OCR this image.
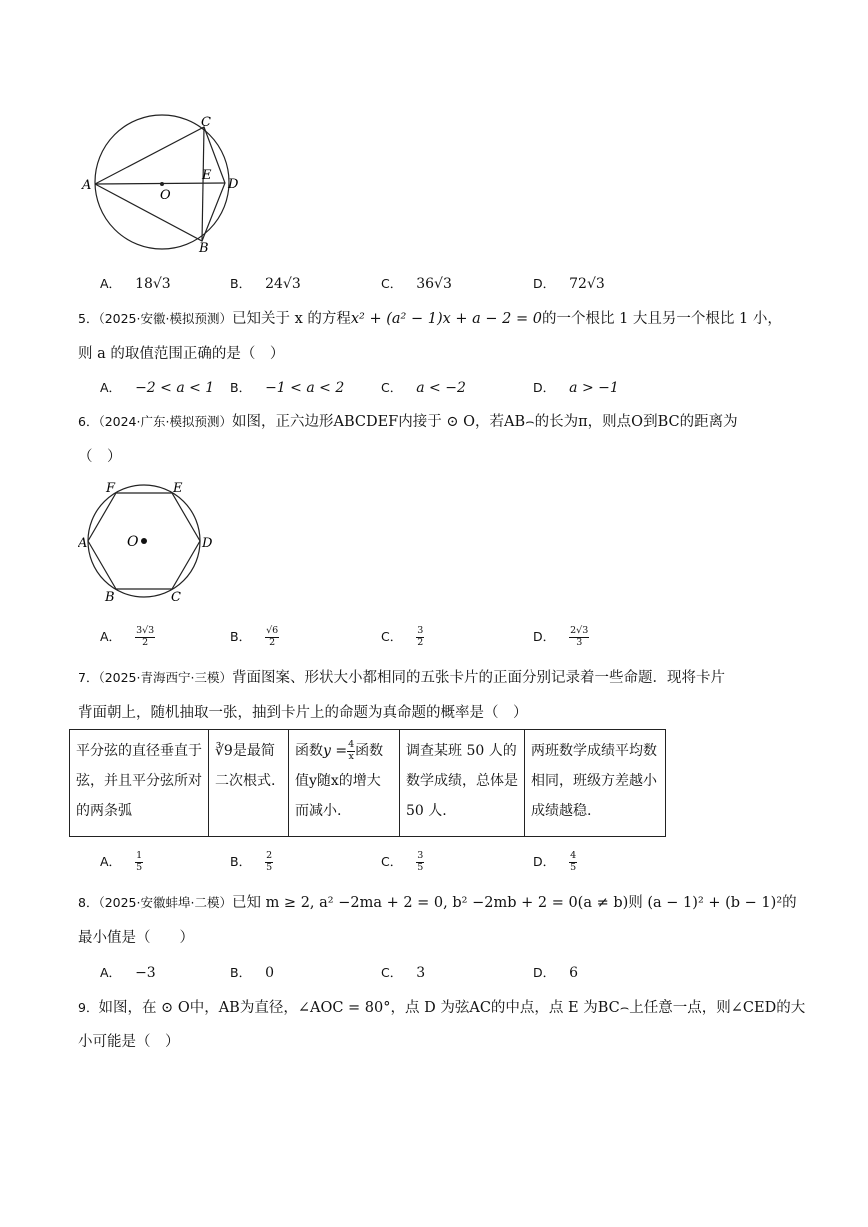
C
A
O
E
D
B
A． 18√3	B． 24√3	C． 36√3	D． 72√3
5．（2025·安徽·模拟预测）已知关于 x 的方程x² + (a² − 1)x + a − 2 = 0的一个根比 1 大且另一个根比 1 小，
则 a 的取值范围正确的是（　）
A． −2 < a < 1 B． −1 < a < 2	C． a < −2	D． a > −1
6．（2024·广东·模拟预测）如图，正六边形ABCDEF内接于 ⊙ O，若AB⌢的长为π，则点O到BC的距离为
（　）
F	E
A	O	D
B	C
A． $\frac{3√3}{2}$	B． $\frac{√6}{2}$	C． $\frac{3}{2}$	D． $\frac{2√3}{3}$
7．（2025·青海西宁·三模）背面图案、形状大小都相同的五张卡片的正面分别记录着一些命题．现将卡片
背面朝上，随机抽取一张，抽到卡片上的命题为真命题的概率是（　）
平分弦的直径垂直于弦，并且平分弦所对的两条弧	∛9是最简二次根式.	函数$y = \frac{4}{x}$ 函数值y随x的增大而减小.	调查某班 50 人的数学成绩，总体是 50 人.	两班数学成绩平均数相同，班级方差越小成绩越稳.
A． $\frac{1}{5}$	B． $\frac{2}{5}$	C． $\frac{3}{5}$	D． $\frac{4}{5}$
8．（2025·安徽蚌埠·二模）已知 m ≥ 2, a² −2ma + 2 = 0, b² −2mb + 2 = 0(a ≠ b)则 (a − 1)² + (b − 1)²的
最小值是（　　）
A． −3	B． 0	C． 3	D． 6
9．如图，在 ⊙ O中，AB为直径，∠AOC = 80°，点 D 为弦AC的中点，点 E 为BC⌢上任意一点，则∠CED的大
小可能是（　）
